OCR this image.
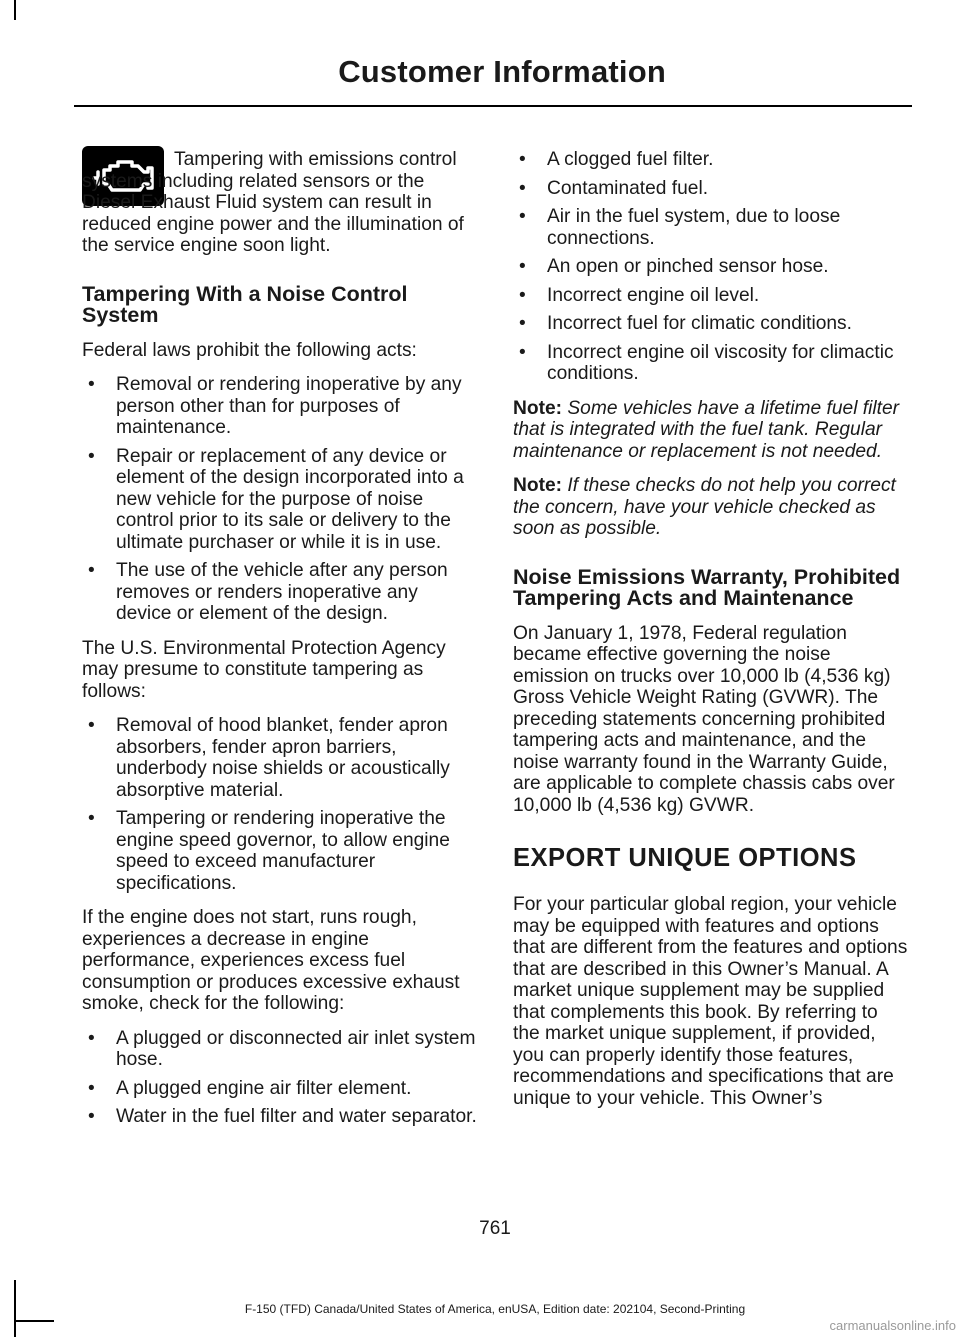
Customer Information

Tampering with emissions control systems including related sensors or the Diesel Exhaust Fluid system can result in reduced engine power and the illumination of the service engine soon light.

Tampering With a Noise Control System

Federal laws prohibit the following acts:

• Removal or rendering inoperative by any person other than for purposes of maintenance.
• Repair or replacement of any device or element of the design incorporated into a new vehicle for the purpose of noise control prior to its sale or delivery to the ultimate purchaser or while it is in use.
• The use of the vehicle after any person removes or renders inoperative any device or element of the design.

The U.S. Environmental Protection Agency may presume to constitute tampering as follows:

• Removal of hood blanket, fender apron absorbers, fender apron barriers, underbody noise shields or acoustically absorptive material.
• Tampering or rendering inoperative the engine speed governor, to allow engine speed to exceed manufacturer specifications.

If the engine does not start, runs rough, experiences a decrease in engine performance, experiences excess fuel consumption or produces excessive exhaust smoke, check for the following:

• A plugged or disconnected air inlet system hose.
• A plugged engine air filter element.
• Water in the fuel filter and water separator.
• A clogged fuel filter.
• Contaminated fuel.
• Air in the fuel system, due to loose connections.
• An open or pinched sensor hose.
• Incorrect engine oil level.
• Incorrect fuel for climatic conditions.
• Incorrect engine oil viscosity for climactic conditions.

Note: Some vehicles have a lifetime fuel filter that is integrated with the fuel tank. Regular maintenance or replacement is not needed.

Note: If these checks do not help you correct the concern, have your vehicle checked as soon as possible.

Noise Emissions Warranty, Prohibited Tampering Acts and Maintenance

On January 1, 1978, Federal regulation became effective governing the noise emission on trucks over 10,000 lb (4,536 kg) Gross Vehicle Weight Rating (GVWR). The preceding statements concerning prohibited tampering acts and maintenance, and the noise warranty found in the Warranty Guide, are applicable to complete chassis cabs over 10,000 lb (4,536 kg) GVWR.

EXPORT UNIQUE OPTIONS

For your particular global region, your vehicle may be equipped with features and options that are different from the features and options that are described in this Owner’s Manual. A market unique supplement may be supplied that complements this book. By referring to the market unique supplement, if provided, you can properly identify those features, recommendations and specifications that are unique to your vehicle. This Owner’s

761
F-150 (TFD) Canada/United States of America, enUSA, Edition date: 202104, Second-Printing
carmanualsonline.info
